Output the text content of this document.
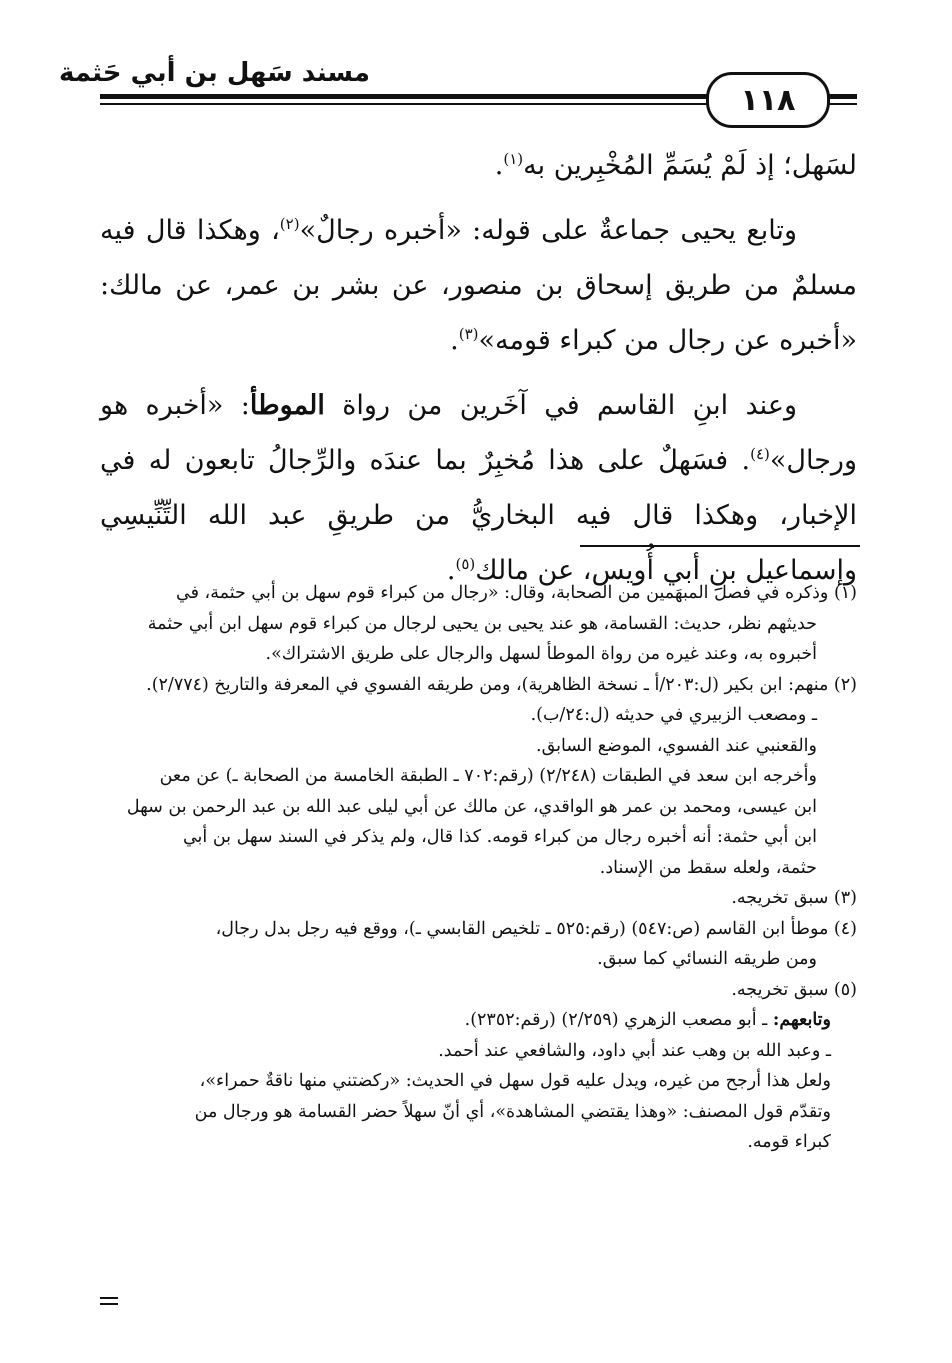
مسند سَهل بن أبي حَثمة
١١٨

لسَهل؛ إذ لَمْ يُسَمِّ المُخْبِرين به$^{(١)}$.

وتابع يحيى جماعةٌ على قوله: «أخبره رجالٌ»$^{(٢)}$، وهكذا قال فيه مسلمٌ من طريق إسحاق بن منصور، عن بشر بن عمر، عن مالك: «أخبره عن رجال من كبراء قومه»$^{(٣)}$.

وعند ابنِ القاسم في آخَرين من رواة الموطأ: «أخبره هو ورجال»$^{(٤)}$. فسَهلٌ على هذا مُخبِرٌ بما عندَه والرِّجالُ تابعون له في الإخبار، وهكذا قال فيه البخاريُّ من طريقِ عبد الله التِّنِّيسِي وإسماعيل بنِ أبي أُويس، عن مالك$^{(٥)}$.

(١) وذكره في فصل المبهَمين من الصحابة، وقال: «رجال من كبراء قوم سهل بن أبي حثمة، في

حديثهم نظر، حديث: القسامة، هو عند يحيى بن يحيى لرجال من كبراء قوم سهل ابن أبي حثمة

أخبروه به، وعند غيره من رواة الموطأ لسهل والرجال على طريق الاشتراك».

(٢) منهم: ابن بكير (ل:٢٠٣/أ ـ نسخة الظاهرية)، ومن طريقه الفسوي في المعرفة والتاريخ (٢/٧٧٤).

ـ ومصعب الزبيري في حديثه (ل:٢٤/ب).

والقعنبي عند الفسوي، الموضع السابق.

وأخرجه ابن سعد في الطبقات (٢/٢٤٨) (رقم:٧٠٢ ـ الطبقة الخامسة من الصحابة ـ) عن معن

ابن عيسى، ومحمد بن عمر هو الواقدي، عن مالك عن أبي ليلى عبد الله بن عبد الرحمن بن سهل

ابن أبي حثمة: أنه أخبره رجال من كبراء قومه. كذا قال، ولم يذكر في السند سهل بن أبي

حثمة، ولعله سقط من الإسناد.

(٣) سبق تخريجه.

(٤) موطأ ابن القاسم (ص:٥٤٧) (رقم:٥٢٥ ـ تلخيص القابسي ـ)، ووقع فيه رجل بدل رجال،

ومن طريقه النسائي كما سبق.

(٥) سبق تخريجه.

وتابعهم: ـ أبو مصعب الزهري (٢/٢٥٩) (رقم:٢٣٥٢).

ـ وعبد الله بن وهب عند أبي داود، والشافعي عند أحمد.

ولعل هذا أرجح من غيره، ويدل عليه قول سهل في الحديث: «ركضتني منها ناقةٌ حمراء»،

وتقدّم قول المصنف: «وهذا يقتضي المشاهدة»، أي أنّ سهلاً حضر القسامة هو ورجال من

كبراء قومه.
